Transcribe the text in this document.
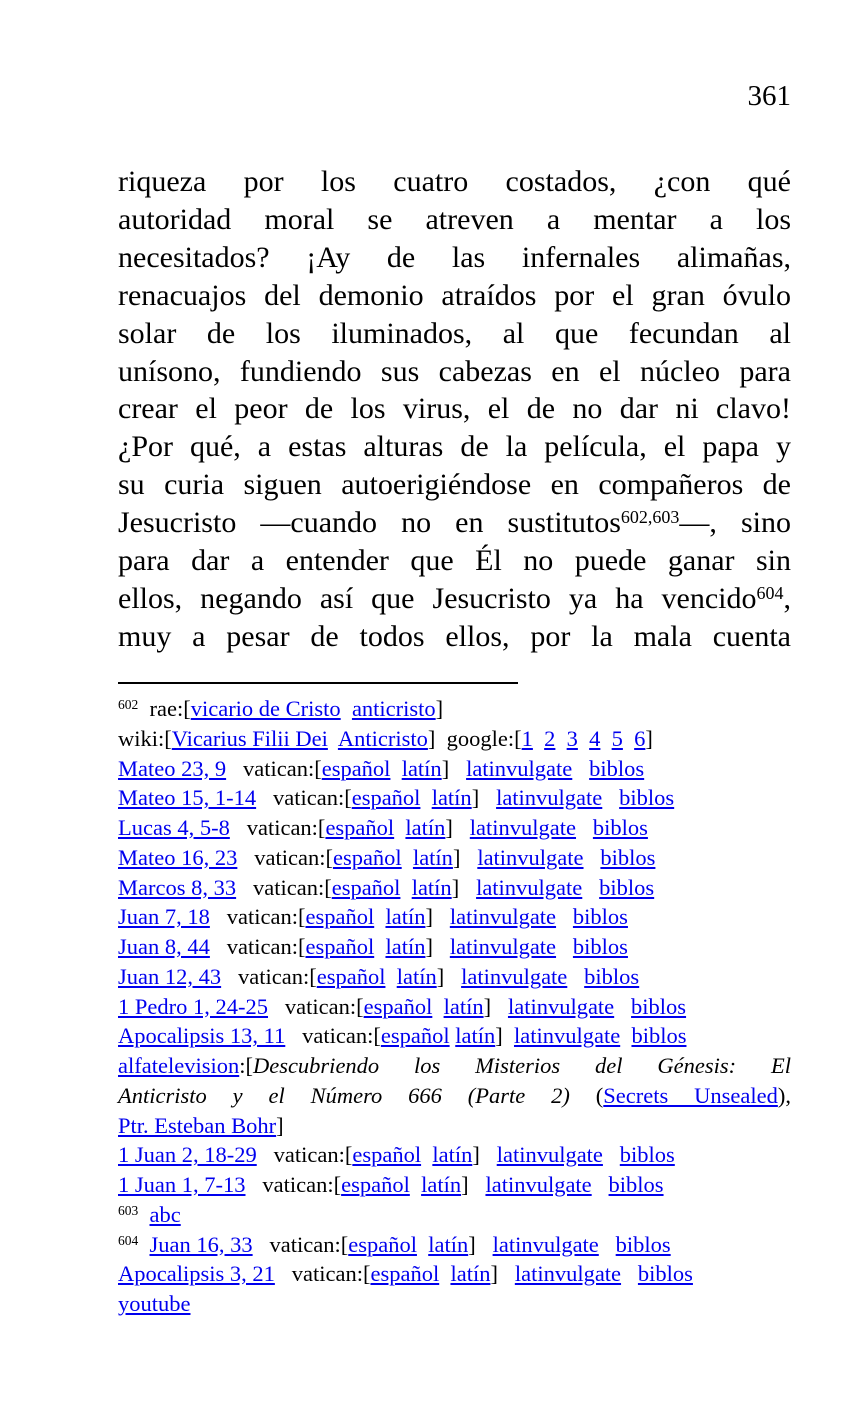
361
riqueza por los cuatro costados, ¿con qué
autoridad moral se atreven a mentar a los
necesitados? ¡Ay de las infernales alimañas,
renacuajos del demonio atraídos por el gran óvulo
solar de los iluminados, al que fecundan al
unísono, fundiendo sus cabezas en el núcleo para
crear el peor de los virus, el de no dar ni clavo!
¿Por qué, a estas alturas de la película, el papa y
su curia siguen autoerigiéndose en compañeros de
Jesucristo —cuando no en sustitutos$^{602,603}$—, sino
para dar a entender que Él no puede ganar sin
ellos, negando así que Jesucristo ya ha vencido$^{604}$,
muy a pesar de todos ellos, por la mala cuenta
$^{602}$  rae:[vicario de Cristo anticristo]
wiki:[Vicarius Filii Dei Anticristo]  google:[1 2 3 4 5 6]
Mateo 23, 9   vatican:[español latín]   latinvulgate biblos
Mateo 15, 1-14   vatican:[español latín]   latinvulgate biblos
Lucas 4, 5-8   vatican:[español latín]   latinvulgate biblos
Mateo 16, 23   vatican:[español latín]   latinvulgate biblos
Marcos 8, 33   vatican:[español latín]   latinvulgate biblos
Juan 7, 18   vatican:[español latín]   latinvulgate biblos
Juan 8, 44   vatican:[español latín]   latinvulgate biblos
Juan 12, 43   vatican:[español latín]   latinvulgate biblos
1 Pedro 1, 24-25   vatican:[español latín]   latinvulgate biblos
Apocalipsis 13, 11   vatican:[español latín]  latinvulgate biblos
alfatelevision:[Descubriendo los Misterios del Génesis: El
Anticristo y el Número 666 (Parte 2) (Secrets Unsealed),
Ptr. Esteban Bohr]
1 Juan 2, 18-29   vatican:[español latín]   latinvulgate biblos
1 Juan 1, 7-13   vatican:[español latín]   latinvulgate biblos
$^{603}$ abc
$^{604}$ Juan 16, 33   vatican:[español latín]   latinvulgate biblos
Apocalipsis 3, 21   vatican:[español latín]   latinvulgate biblos
youtube
